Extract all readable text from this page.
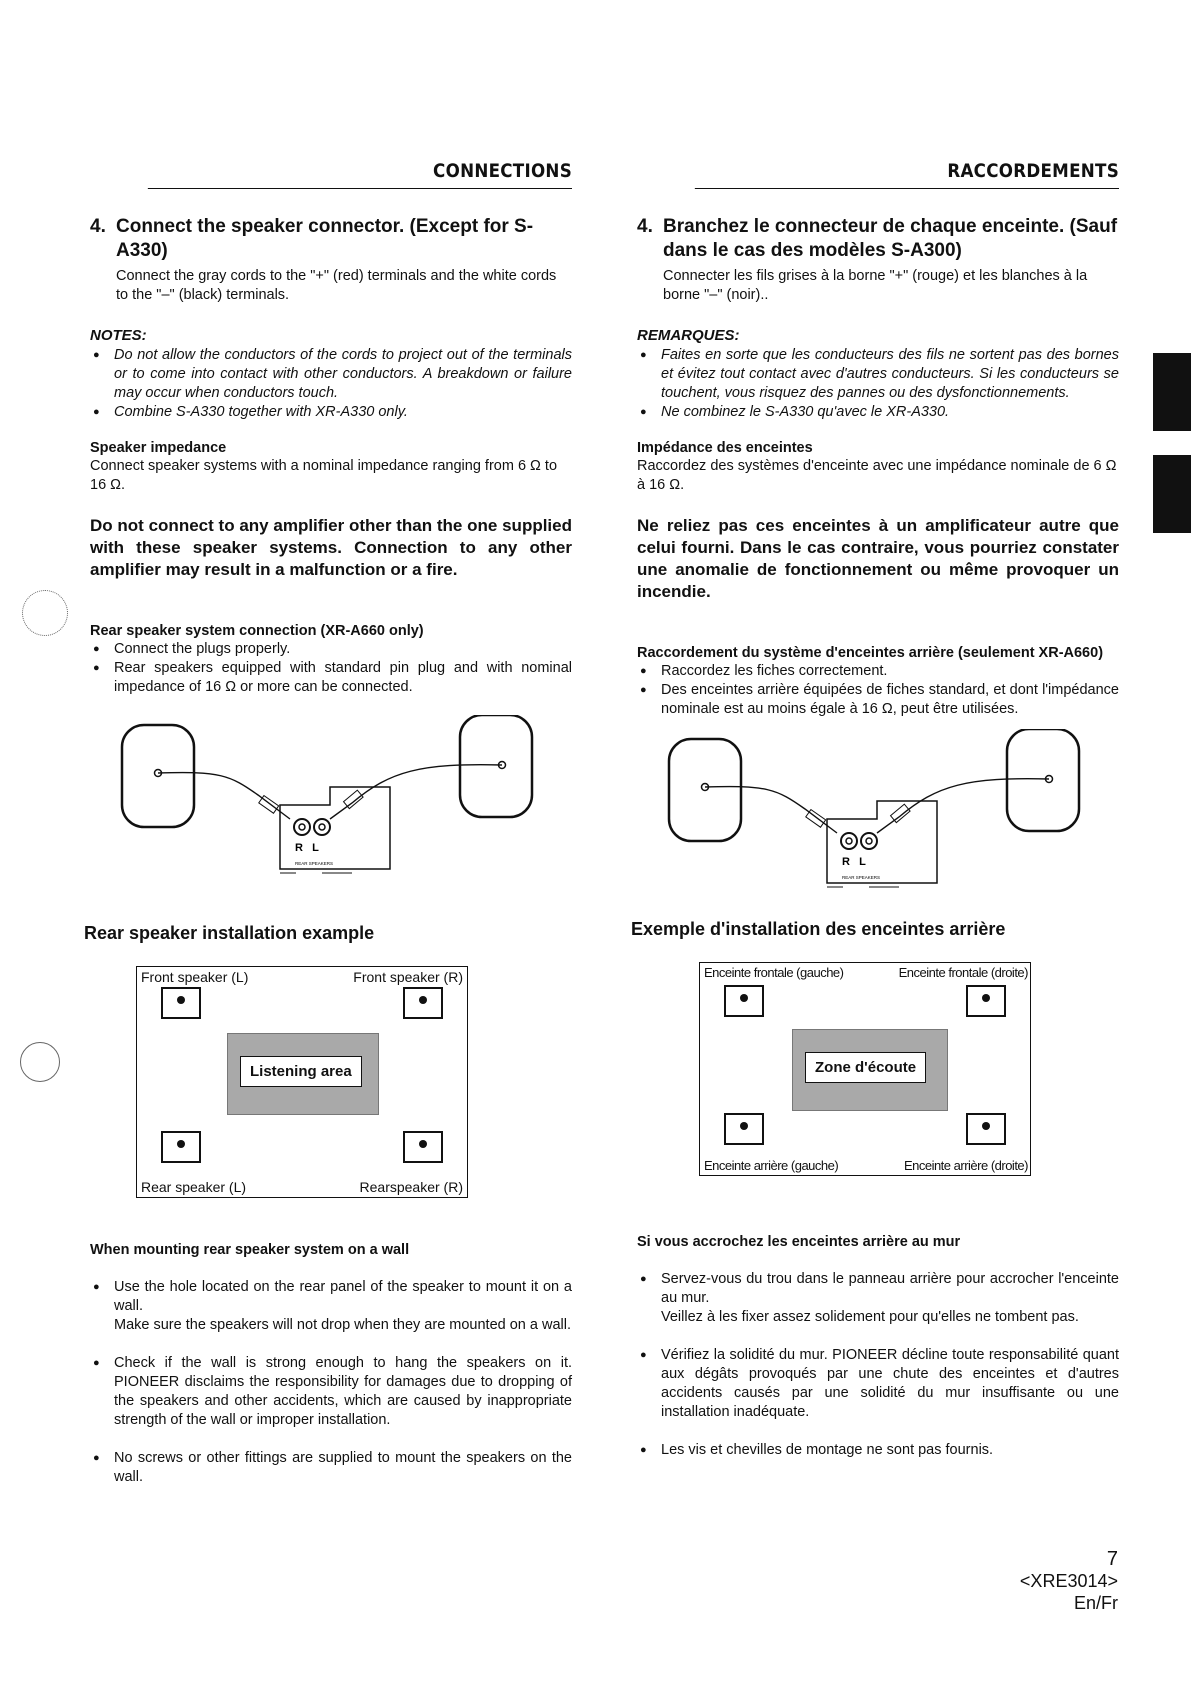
CONNECTIONS
4. Connect the speaker connector. (Except for S-A330)
Connect the gray cords to the "+" (red) terminals and the white cords to the "–" (black) terminals.
NOTES:
● Do not allow the conductors of the cords to project out of the terminals or to come into contact with other conductors. A breakdown or failure may occur when conductors touch.
● Combine S-A330 together with XR-A330 only.
Speaker impedance
Connect speaker systems with a nominal impedance ranging from 6 Ω to 16 Ω.
Do not connect to any amplifier other than the one supplied with these speaker systems. Connection to any other amplifier may result in a malfunction or a fire.
Rear speaker system connection (XR-A660 only)
● Connect the plugs properly.
● Rear speakers equipped with standard pin plug and with nominal impedance of 16 Ω or more can be connected.
R   L
REAR SPEAKERS
Rear speaker installation example
Front speaker (L)	Front speaker (R)
Listening area
Rear speaker (L)	Rearspeaker (R)
When mounting rear speaker system on a wall

● Use the hole located on the rear panel of the speaker to mount it on a wall.
Make sure the speakers will not drop when they are mounted on a wall.

● Check if the wall is strong enough to hang the speakers on it. PIONEER disclaims the responsibility for damages due to dropping of the speakers and other accidents, which are caused by inappropriate strength of the wall or improper installation.

● No screws or other fittings are supplied to mount the speakers on the wall.

RACCORDEMENTS
4. Branchez le connecteur de chaque enceinte. (Sauf dans le cas des modèles S-A300)
Connecter les fils grises à la borne "+" (rouge) et les blanches à la borne "–" (noir)..
REMARQUES:
● Faites en sorte que les conducteurs des fils ne sortent pas des bornes et évitez tout contact avec d'autres conducteurs. Si les conducteurs se touchent, vous risquez des pannes ou des dysfonctionnements.
● Ne combinez le S-A330 qu'avec le XR-A330.
Impédance des enceintes
Raccordez des systèmes d'enceinte avec une impédance nominale de 6 Ω à 16 Ω.
Ne reliez pas ces enceintes à un amplificateur autre que celui fourni. Dans le cas contraire, vous pourriez constater une anomalie de fonctionnement ou même provoquer un incendie.
Raccordement du système d'enceintes arrière (seulement XR-A660)
● Raccordez les fiches correctement.
● Des enceintes arrière équipées de fiches standard, et dont l'impédance nominale est au moins égale à 16 Ω, peut être utilisées.
R   L
REAR SPEAKERS
Exemple d'installation des enceintes arrière
Enceinte frontale (gauche)	Enceinte frontale (droite)
Zone d'écoute
Enceinte arrière (gauche)	Enceinte arrière (droite)
Si vous accrochez les enceintes arrière au mur

● Servez-vous du trou dans le panneau arrière pour accrocher l'enceinte au mur.
Veillez à les fixer assez solidement pour qu'elles ne tombent pas.

● Vérifiez la solidité du mur. PIONEER décline toute responsabilité quant aux dégâts provoqués par une chute des enceintes et d'autres accidents causés par une solidité du mur insuffisante ou une installation inadéquate.

● Les vis et chevilles de montage ne sont pas fournis.

7
<XRE3014>
En/Fr
